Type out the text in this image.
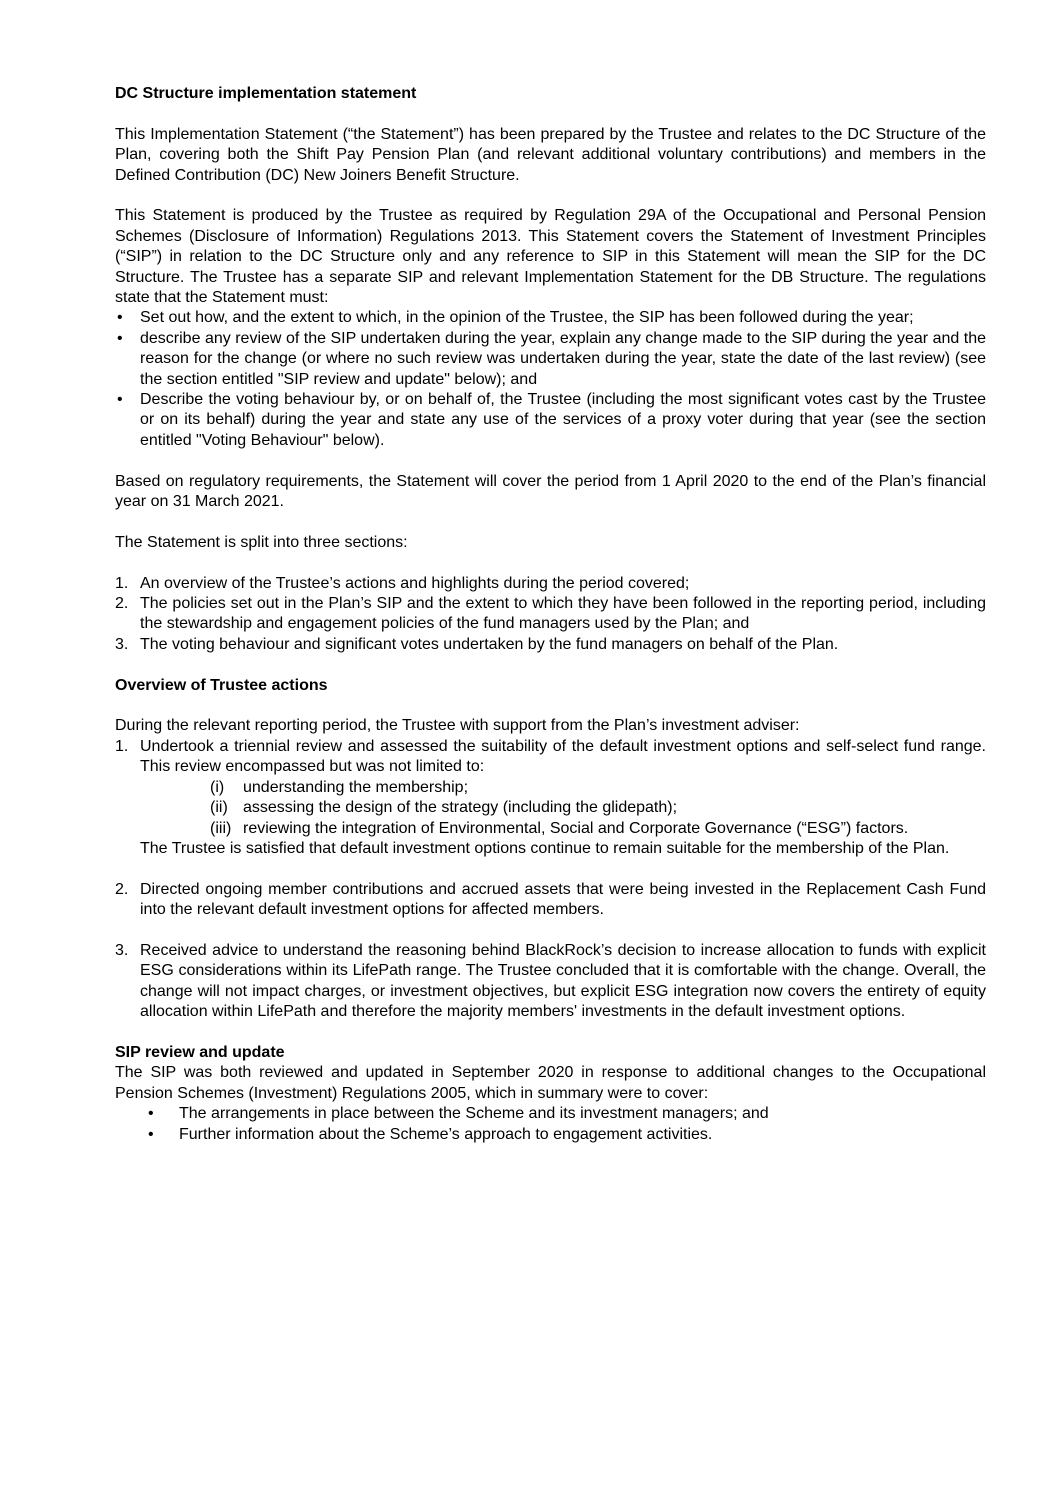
DC Structure implementation statement

This Implementation Statement (“the Statement”) has been prepared by the Trustee and relates to the DC Structure of the Plan, covering both the Shift Pay Pension Plan (and relevant additional voluntary contributions) and members in the Defined Contribution (DC) New Joiners Benefit Structure.

This Statement is produced by the Trustee as required by Regulation 29A of the Occupational and Personal Pension Schemes (Disclosure of Information) Regulations 2013. This Statement covers the Statement of Investment Principles (“SIP”) in relation to the DC Structure only and any reference to SIP in this Statement will mean the SIP for the DC Structure. The Trustee has a separate SIP and relevant Implementation Statement for the DB Structure. The regulations state that the Statement must:

• Set out how, and the extent to which, in the opinion of the Trustee, the SIP has been followed during the year;
• describe any review of the SIP undertaken during the year, explain any change made to the SIP during the year and the reason for the change (or where no such review was undertaken during the year, state the date of the last review) (see the section entitled "SIP review and update" below); and
• Describe the voting behaviour by, or on behalf of, the Trustee (including the most significant votes cast by the Trustee or on its behalf) during the year and state any use of the services of a proxy voter during that year (see the section entitled "Voting Behaviour" below).

Based on regulatory requirements, the Statement will cover the period from 1 April 2020 to the end of the Plan’s financial year on 31 March 2021.

The Statement is split into three sections:

1. An overview of the Trustee’s actions and highlights during the period covered;
2. The policies set out in the Plan’s SIP and the extent to which they have been followed in the reporting period, including the stewardship and engagement policies of the fund managers used by the Plan; and
3. The voting behaviour and significant votes undertaken by the fund managers on behalf of the Plan.
Overview of Trustee actions

During the relevant reporting period, the Trustee with support from the Plan’s investment adviser:

1. Undertook a triennial review and assessed the suitability of the default investment options and self-select fund range. This review encompassed but was not limited to:
(i) understanding the membership;
(ii) assessing the design of the strategy (including the glidepath);
(iii) reviewing the integration of Environmental, Social and Corporate Governance (“ESG”) factors.

The Trustee is satisfied that default investment options continue to remain suitable for the membership of the Plan.

2. Directed ongoing member contributions and accrued assets that were being invested in the Replacement Cash Fund into the relevant default investment options for affected members.
3. Received advice to understand the reasoning behind BlackRock’s decision to increase allocation to funds with explicit ESG considerations within its LifePath range. The Trustee concluded that it is comfortable with the change. Overall, the change will not impact charges, or investment objectives, but explicit ESG integration now covers the entirety of equity allocation within LifePath and therefore the majority members' investments in the default investment options.
SIP review and update

The SIP was both reviewed and updated in September 2020 in response to additional changes to the Occupational Pension Schemes (Investment) Regulations 2005, which in summary were to cover:

• The arrangements in place between the Scheme and its investment managers; and
• Further information about the Scheme’s approach to engagement activities.
